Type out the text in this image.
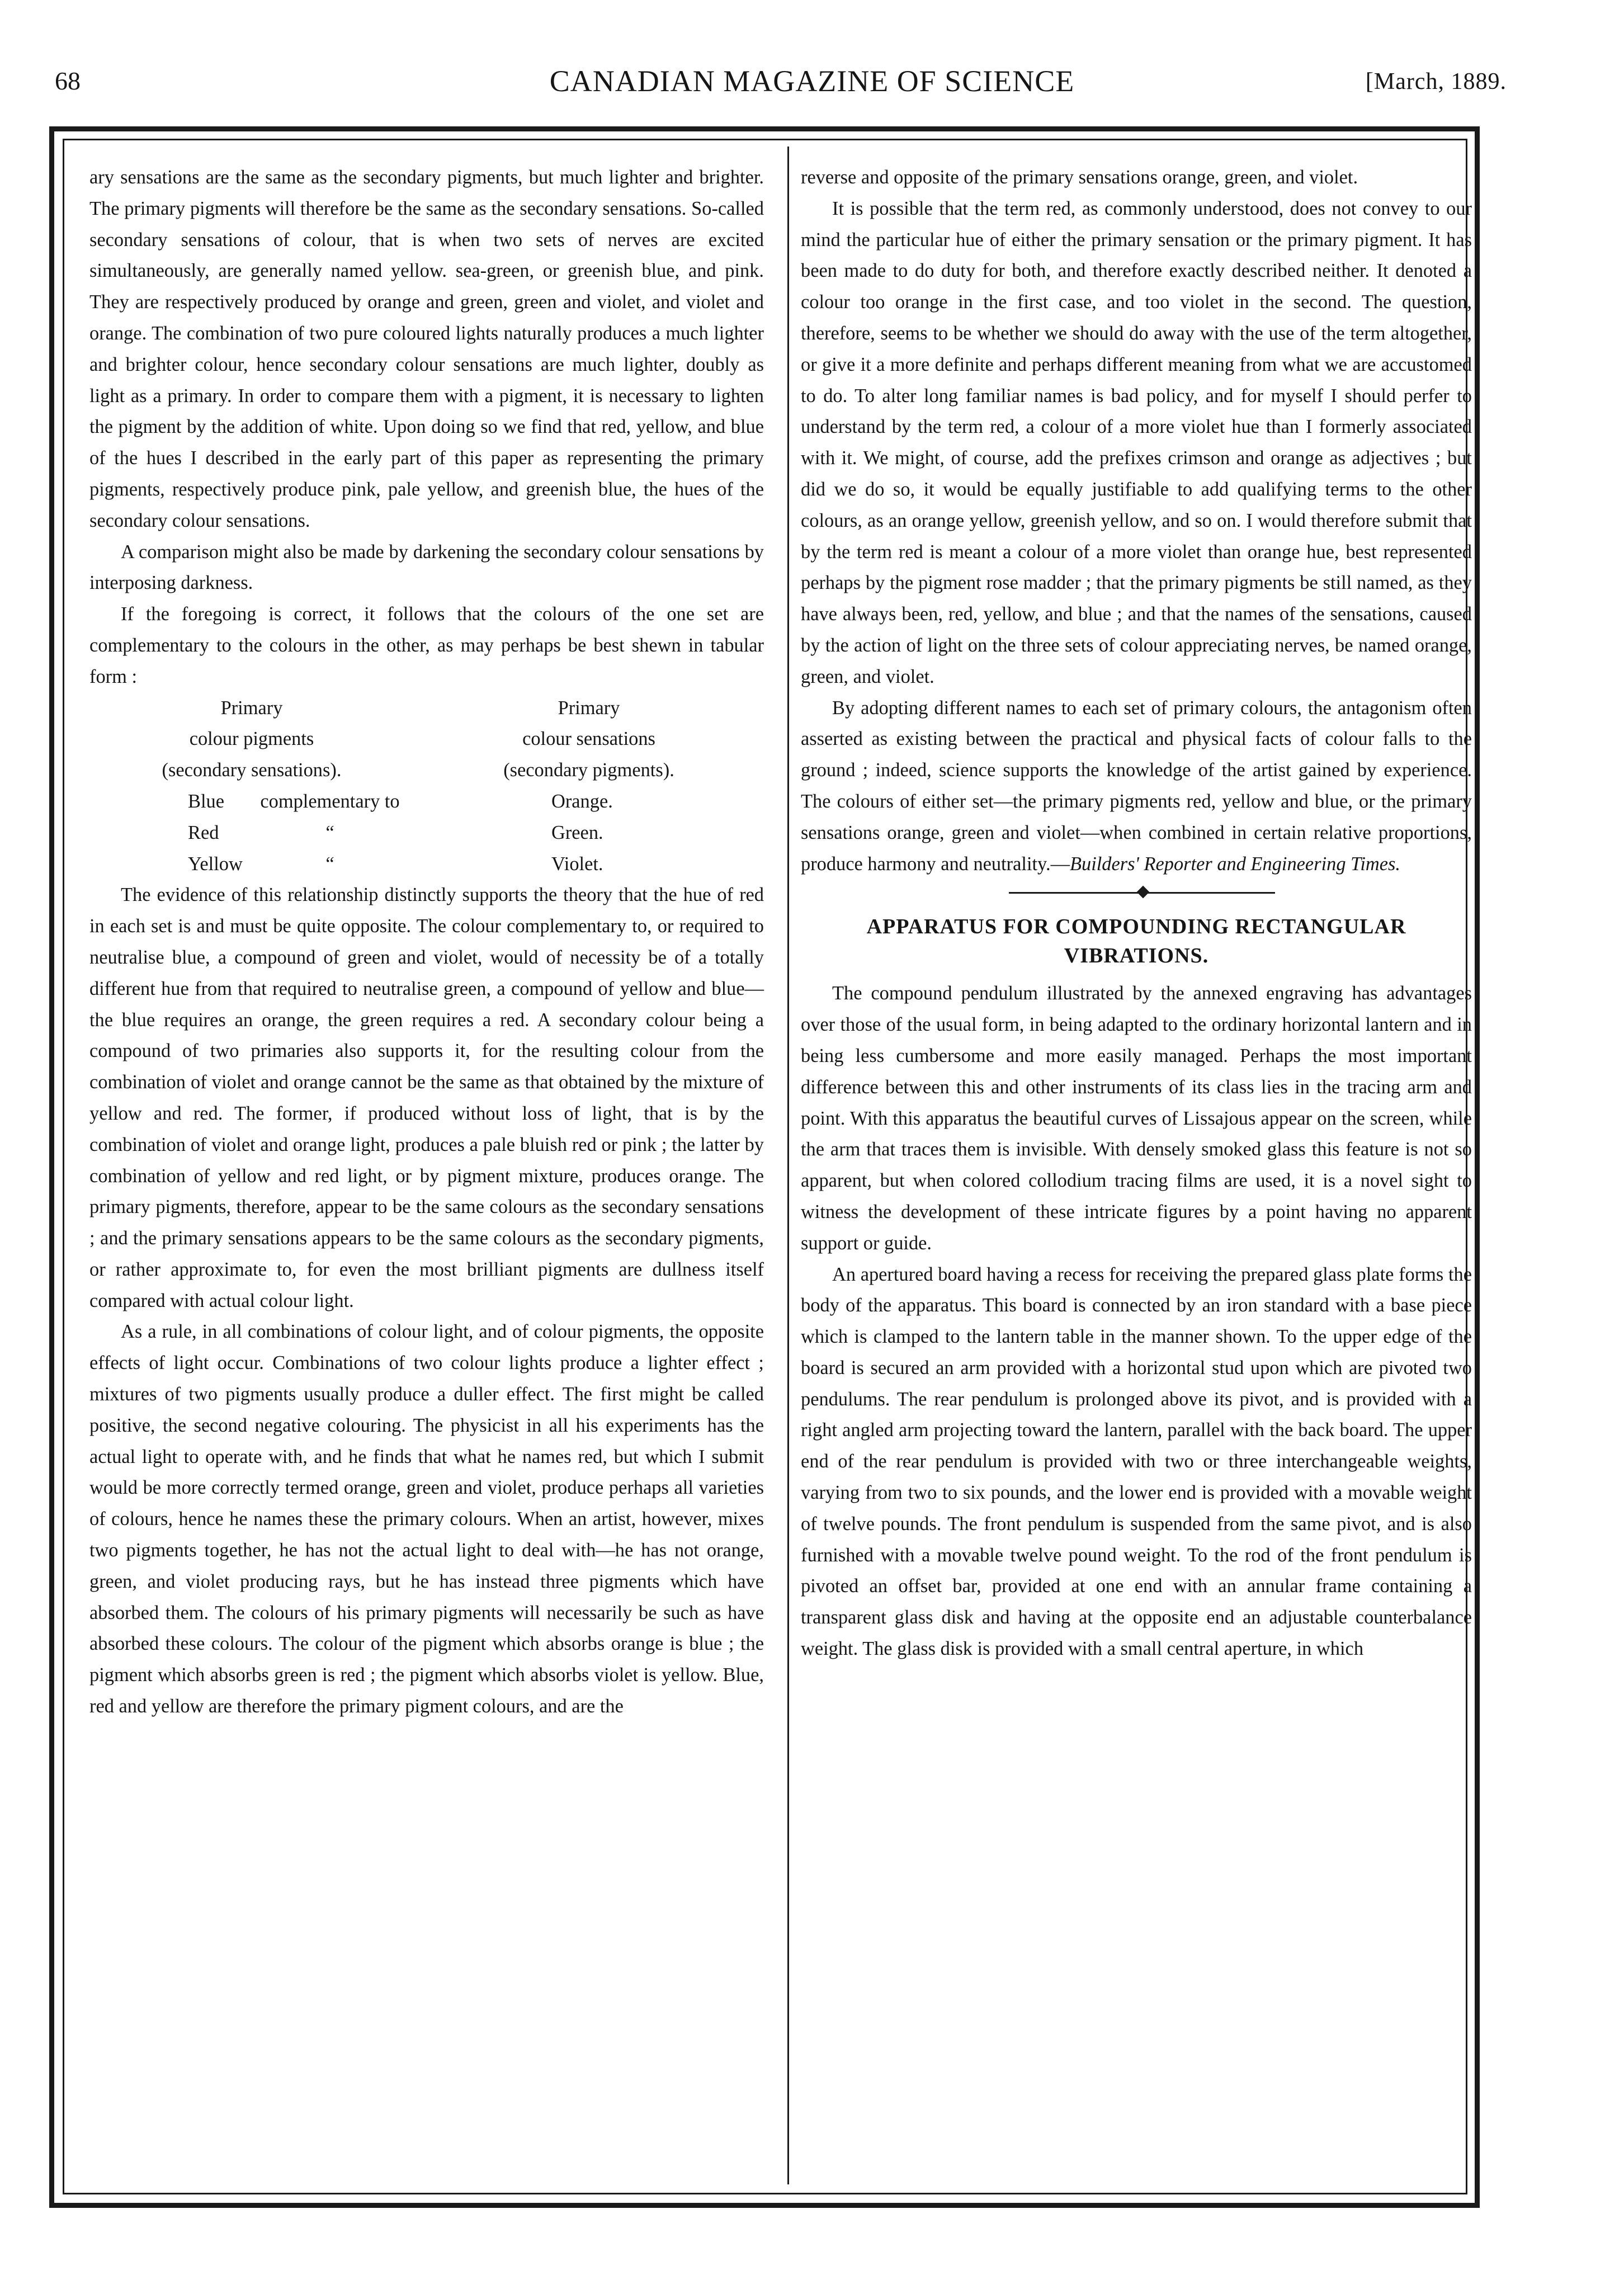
68	CANADIAN MAGAZINE OF SCIENCE	[March, 1889.

ary sensations are the same as the secondary pigments, but much lighter and brighter. The primary pigments will therefore be the same as the secondary sensations. So-called secondary sensations of colour, that is when two sets of nerves are excited simultaneously, are generally named yellow. sea-green, or greenish blue, and pink. They are respectively produced by orange and green, green and violet, and violet and orange. The combination of two pure coloured lights naturally produces a much lighter and brighter colour, hence secondary colour sensations are much lighter, doubly as light as a primary. In order to compare them with a pigment, it is necessary to lighten the pigment by the addition of white. Upon doing so we find that red, yellow, and blue of the hues I described in the early part of this paper as representing the primary pigments, respectively produce pink, pale yellow, and greenish blue, the hues of the secondary colour sensations.

A comparison might also be made by darkening the secondary colour sensations by interposing darkness.

If the foregoing is correct, it follows that the colours of the one set are complementary to the colours in the other, as may perhaps be best shewn in tabular form :

Primary	Primary
colour pigments	colour sensations
(secondary sensations).	(secondary pigments).
Blue	complementary to	Orange.
Red	“	Green.
Yellow	“	Violet.

The evidence of this relationship distinctly supports the theory that the hue of red in each set is and must be quite opposite. The colour complementary to, or required to neutralise blue, a compound of green and violet, would of necessity be of a totally different hue from that required to neutralise green, a compound of yellow and blue—the blue requires an orange, the green requires a red. A secondary colour being a compound of two primaries also supports it, for the resulting colour from the combination of violet and orange cannot be the same as that obtained by the mixture of yellow and red. The former, if produced without loss of light, that is by the combination of violet and orange light, produces a pale bluish red or pink ; the latter by combination of yellow and red light, or by pigment mixture, produces orange. The primary pigments, therefore, appear to be the same colours as the secondary sensations ; and the primary sensations appears to be the same colours as the secondary pigments, or rather approximate to, for even the most brilliant pigments are dullness itself compared with actual colour light.

As a rule, in all combinations of colour light, and of colour pigments, the opposite effects of light occur. Combinations of two colour lights produce a lighter effect ; mixtures of two pigments usually produce a duller effect. The first might be called positive, the second negative colouring. The physicist in all his experiments has the actual light to operate with, and he finds that what he names red, but which I submit would be more correctly termed orange, green and violet, produce perhaps all varieties of colours, hence he names these the primary colours. When an artist, however, mixes two pigments together, he has not the actual light to deal with—he has not orange, green, and violet producing rays, but he has instead three pigments which have absorbed them. The colours of his primary pigments will necessarily be such as have absorbed these colours. The colour of the pigment which absorbs orange is blue ; the pigment which absorbs green is red ; the pigment which absorbs violet is yellow. Blue, red and yellow are therefore the primary pigment colours, and are the

reverse and opposite of the primary sensations orange, green, and violet.

It is possible that the term red, as commonly understood, does not convey to our mind the particular hue of either the primary sensation or the primary pigment. It has been made to do duty for both, and therefore exactly described neither. It denoted a colour too orange in the first case, and too violet in the second. The question, therefore, seems to be whether we should do away with the use of the term altogether, or give it a more definite and perhaps different meaning from what we are accustomed to do. To alter long familiar names is bad policy, and for myself I should perfer to understand by the term red, a colour of a more violet hue than I formerly associated with it. We might, of course, add the prefixes crimson and orange as adjectives ; but did we do so, it would be equally justifiable to add qualifying terms to the other colours, as an orange yellow, greenish yellow, and so on. I would therefore submit that by the term red is meant a colour of a more violet than orange hue, best represented perhaps by the pigment rose madder ; that the primary pigments be still named, as they have always been, red, yellow, and blue ; and that the names of the sensations, caused by the action of light on the three sets of colour appreciating nerves, be named orange, green, and violet.

By adopting different names to each set of primary colours, the antagonism often asserted as existing between the practical and physical facts of colour falls to the ground ; indeed, science supports the knowledge of the artist gained by experience. The colours of either set—the primary pigments red, yellow and blue, or the primary sensations orange, green and violet—when combined in certain relative proportions, produce harmony and neutrality.—Builders' Reporter and Engineering Times.

APPARATUS FOR COMPOUNDING RECTANGULAR VIBRATIONS.

The compound pendulum illustrated by the annexed engraving has advantages over those of the usual form, in being adapted to the ordinary horizontal lantern and in being less cumbersome and more easily managed. Perhaps the most important difference between this and other instruments of its class lies in the tracing arm and point. With this apparatus the beautiful curves of Lissajous appear on the screen, while the arm that traces them is invisible. With densely smoked glass this feature is not so apparent, but when colored collodium tracing films are used, it is a novel sight to witness the development of these intricate figures by a point having no apparent support or guide.

An apertured board having a recess for receiving the prepared glass plate forms the body of the apparatus. This board is connected by an iron standard with a base piece which is clamped to the lantern table in the manner shown. To the upper edge of the board is secured an arm provided with a horizontal stud upon which are pivoted two pendulums. The rear pendulum is prolonged above its pivot, and is provided with a right angled arm projecting toward the lantern, parallel with the back board. The upper end of the rear pendulum is provided with two or three interchangeable weights, varying from two to six pounds, and the lower end is provided with a movable weight of twelve pounds. The front pendulum is suspended from the same pivot, and is also furnished with a movable twelve pound weight. To the rod of the front pendulum is pivoted an offset bar, provided at one end with an annular frame containing a transparent glass disk and having at the opposite end an adjustable counterbalance weight. The glass disk is provided with a small central aperture, in which
